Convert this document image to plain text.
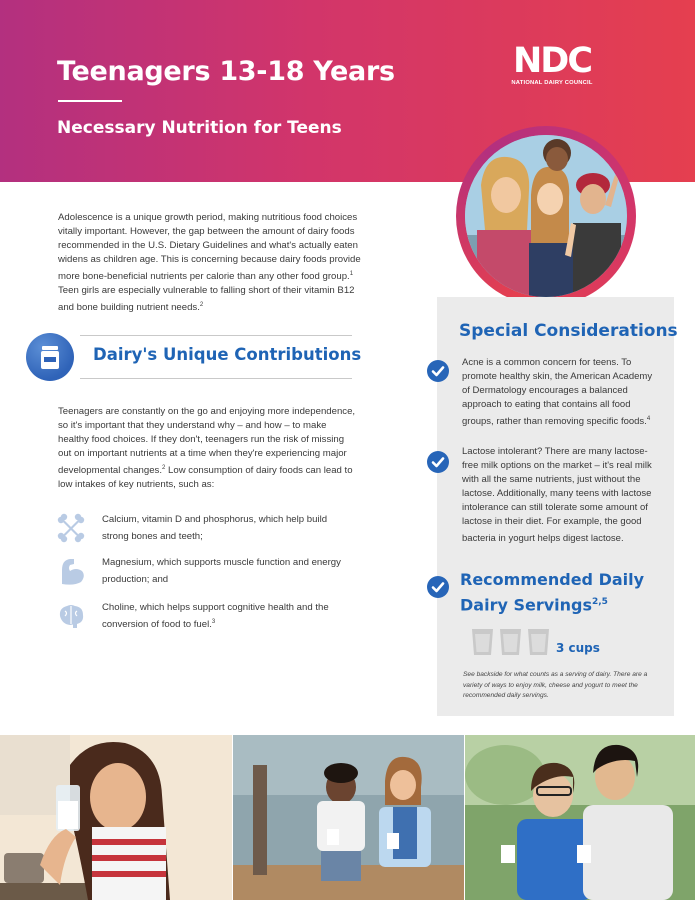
Teenagers 13-18 Years
Necessary Nutrition for Teens
NDC
NATIONAL DAIRY COUNCIL
Adolescence is a unique growth period, making nutritious food choices vitally important. However, the gap between the amount of dairy foods recommended in the U.S. Dietary Guidelines and what's actually eaten widens as children age. This is concerning because dairy foods provide more bone-beneficial nutrients per calorie than any other food group.$^1$ Teen girls are especially vulnerable to falling short of their vitamin B12 and bone building nutrient needs.$^2$
Dairy's Unique Contributions
Teenagers are constantly on the go and enjoying more independence, so it's important that they understand why – and how – to make healthy food choices. If they don't, teenagers run the risk of missing out on important nutrients at a time when they're experiencing major developmental changes.$^2$ Low consumption of dairy foods can lead to low intakes of key nutrients, such as:
Calcium, vitamin D and phosphorus, which help build strong bones and teeth;
Magnesium, which supports muscle function and energy production; and
Choline, which helps support cognitive health and the conversion of food to fuel.$^3$
Special Considerations
Acne is a common concern for teens. To promote healthy skin, the American Academy of Dermatology encourages a balanced approach to eating that contains all food groups, rather than removing specific foods.$^4$
Lactose intolerant? There are many lactose-free milk options on the market – it's real milk with all the same nutrients, just without the lactose. Additionally, many teens with lactose intolerance can still tolerate some amount of lactose in their diet. For example, the good bacteria in yogurt helps digest lactose.
Recommended Daily Dairy Servings$^{2,5}$
3 cups
See backside for what counts as a serving of dairy. There are a variety of ways to enjoy milk, cheese and yogurt to meet the recommended daily servings.
